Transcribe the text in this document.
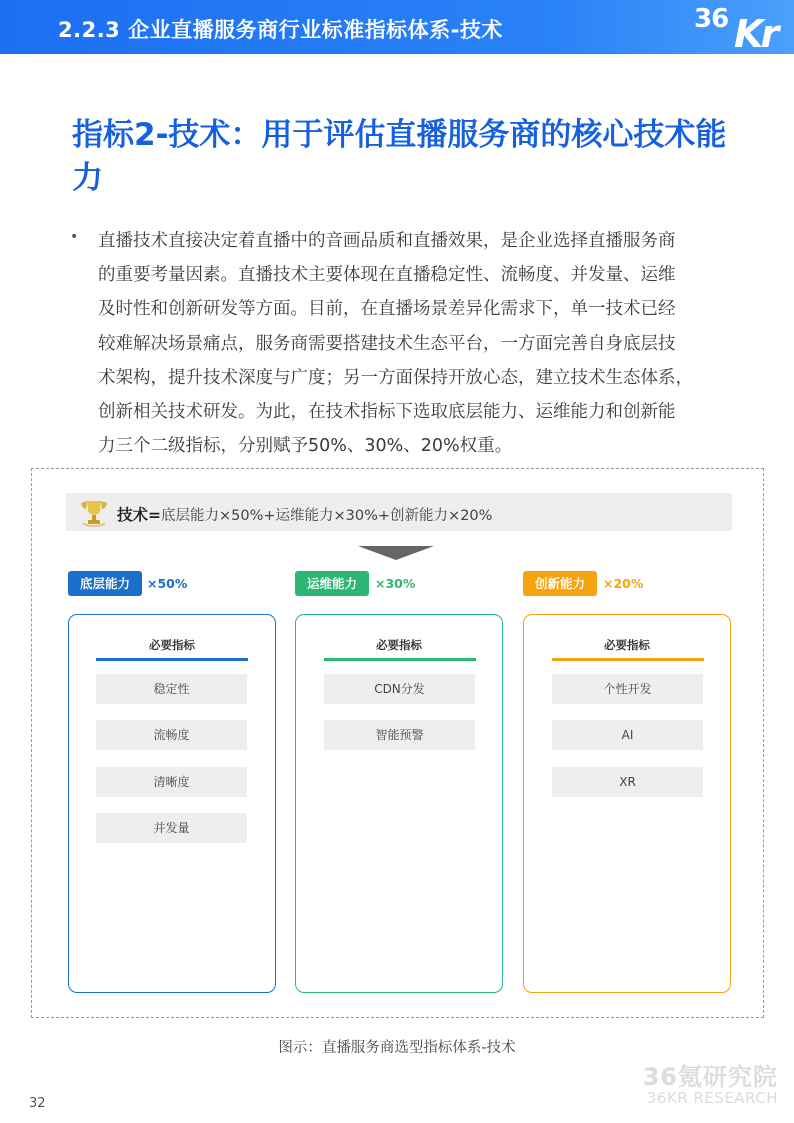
2.2.3 企业直播服务商行业标准指标体系-技术	36 Kr
指标2-技术：用于评估直播服务商的核心技术能力
• 直播技术直接决定着直播中的音画品质和直播效果，是企业选择直播服务商
的重要考量因素。直播技术主要体现在直播稳定性、流畅度、并发量、运维
及时性和创新研发等方面。目前，在直播场景差异化需求下，单一技术已经
较难解决场景痛点，服务商需要搭建技术生态平台，一方面完善自身底层技
术架构，提升技术深度与广度；另一方面保持开放心态，建立技术生态体系，
创新相关技术研发。为此，在技术指标下选取底层能力、运维能力和创新能
力三个二级指标，分别赋予50%、30%、20%权重。
技术=底层能力×50%+运维能力×30%+创新能力×20%
底层能力	×50%
必要指标
稳定性
流畅度
清晰度
并发量
运维能力	×30%
必要指标
CDN分发
智能预警
创新能力	×20%
必要指标
个性开发
AI
XR
图示：直播服务商选型指标体系-技术
32
36氪研究院
36KR RESEARCH
